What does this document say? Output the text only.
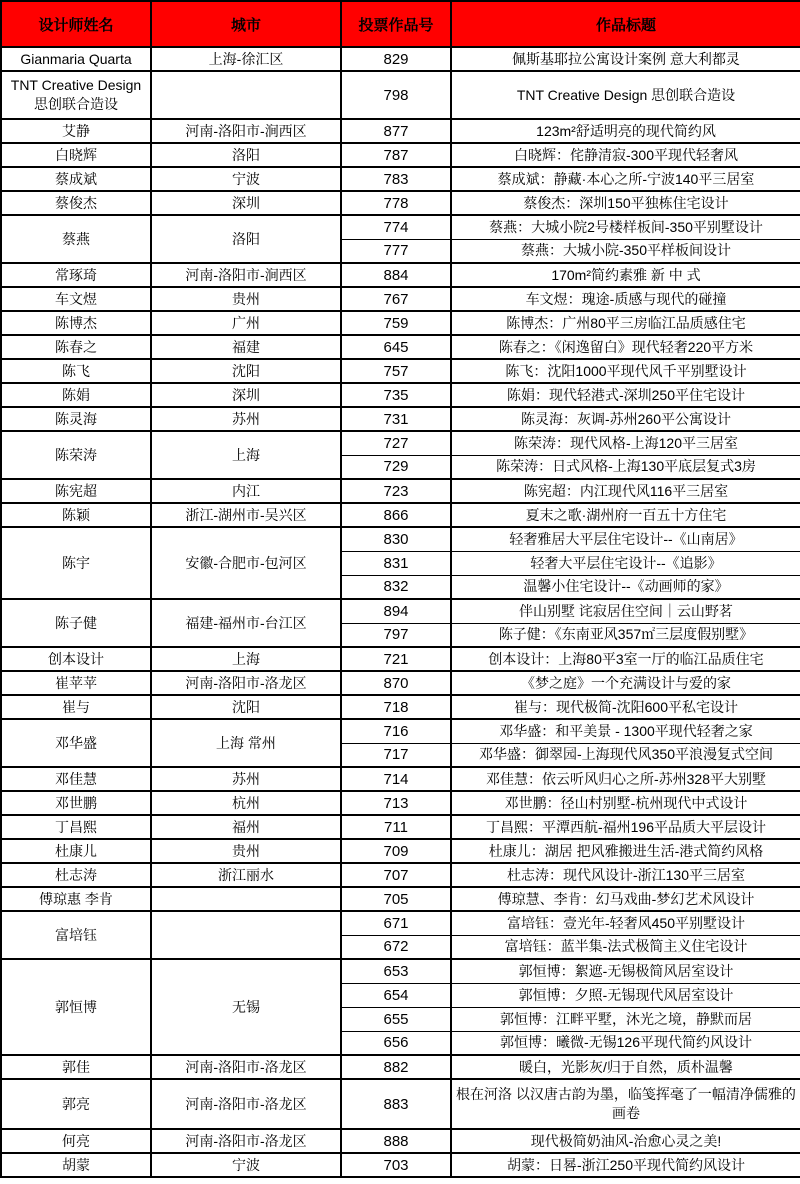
设计师姓名	城市	投票作品号	作品标题

Gianmaria Quarta	上海-徐汇区	829	佩斯基耶拉公寓设计案例 意大利都灵

TNT Creative Design思创联合造设		798	TNT Creative Design 思创联合造设

艾静	河南-洛阳市-涧西区	877	123m²舒适明亮的现代简约风

白晓辉	洛阳	787	白晓辉：侘静清寂-300平现代轻奢风

蔡成斌	宁波	783	蔡成斌：静藏·本心之所-宁波140平三居室

蔡俊杰	深圳	778	蔡俊杰：深圳150平独栋住宅设计

蔡燕	洛阳	774	蔡燕：大城小院2号楼样板间-350平别墅设计
		777	蔡燕：大城小院-350平样板间设计

常琢琦	河南-洛阳市-涧西区	884	170m²简约素雅 新 中 式

车文煜	贵州	767	车文煜：瑰途-质感与现代的碰撞

陈博杰	广州	759	陈博杰：广州80平三房临江品质感住宅

陈春之	福建	645	陈春之：《闲逸留白》现代轻奢220平方米

陈飞	沈阳	757	陈飞：沈阳1000平现代风千平别墅设计

陈娟	深圳	735	陈娟：现代轻港式-深圳250平住宅设计

陈灵海	苏州	731	陈灵海：灰调-苏州260平公寓设计

陈荣涛	上海	727	陈荣涛：现代风格-上海120平三居室
		729	陈荣涛：日式风格-上海130平底层复式3房

陈宪超	内江	723	陈宪超：内江现代风116平三居室

陈颖	浙江-湖州市-吴兴区	866	夏末之歌·湖州府一百五十方住宅

陈宇	安徽-合肥市-包河区	830	轻奢雅居大平层住宅设计--《山南居》
		831	轻奢大平层住宅设计--《追影》
		832	温馨小住宅设计--《动画师的家》

陈子健	福建-福州市-台江区	894	伴山别墅 诧寂居住空间｜云山野茗
		797	陈子健：《东南亚风357㎡三层度假别墅》

创本设计	上海	721	创本设计：上海80平3室一厅的临江品质住宅

崔苹苹	河南-洛阳市-洛龙区	870	《梦之庭》一个充满设计与爱的家

崔与	沈阳	718	崔与：现代极简-沈阳600平私宅设计

邓华盛	上海 常州	716	邓华盛：和平美景 - 1300平现代轻奢之家
		717	邓华盛：御翠园-上海现代风350平浪漫复式空间

邓佳慧	苏州	714	邓佳慧：依云听风归心之所-苏州328平大别墅

邓世鹏	杭州	713	邓世鹏：径山村别墅-杭州现代中式设计

丁昌熙	福州	711	丁昌熙：平潭西航-福州196平品质大平层设计

杜康儿	贵州	709	杜康儿：湖居 把风雅搬进生活-港式简约风格

杜志涛	浙江丽水	707	杜志涛：现代风设计-浙江130平三居室

傅琼惠 李肯		705	傅琼慧、李肯：幻马戏曲-梦幻艺术风设计

富培钰		671	富培钰：壹光年-轻奢风450平别墅设计
		672	富培钰：蓝半集-法式极简主义住宅设计

郭恒博	无锡	653	郭恒博：絮遮-无锡极简风居室设计
		654	郭恒博：夕照-无锡现代风居室设计
		655	郭恒博：江畔平墅，沐光之境，静默而居
		656	郭恒博：曦微-无锡126平现代简约风设计

郭佳	河南-洛阳市-洛龙区	882	暖白，光影灰/归于自然，质朴温馨

郭亮	河南-洛阳市-洛龙区	883	根在河洛 以汉唐古韵为墨，临笺挥毫了一幅清净儒雅的画卷

何亮	河南-洛阳市-洛龙区	888	现代极简奶油风-治愈心灵之美!

胡蒙	宁波	703	胡蒙：日晷-浙江250平现代简约风设计
